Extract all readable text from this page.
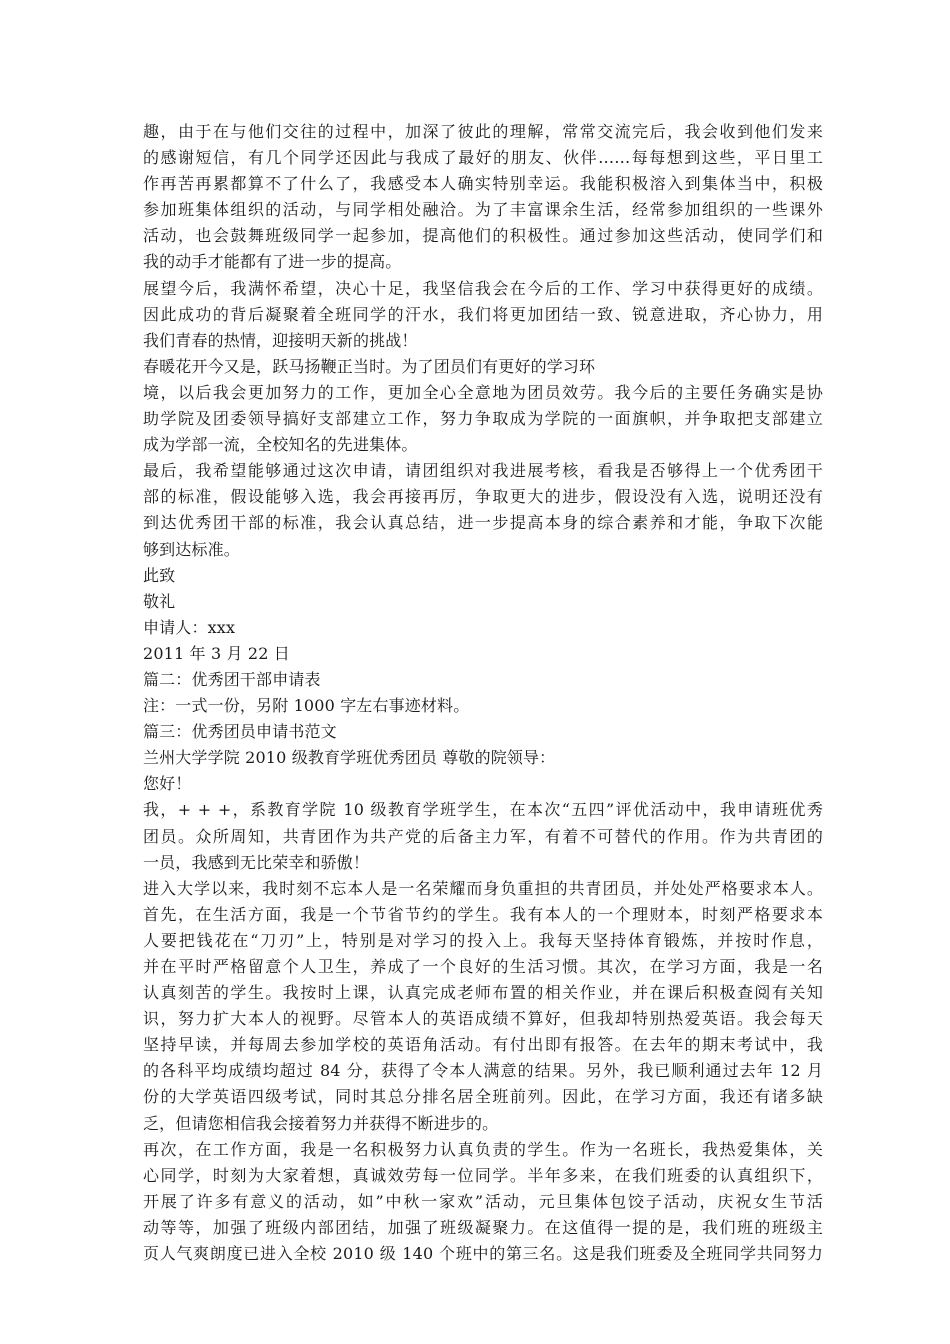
趣，由于在与他们交往的过程中，加深了彼此的理解，常常交流完后，我会收到他们发来
的感谢短信，有几个同学还因此与我成了最好的朋友、伙伴……每每想到这些，平日里工
作再苦再累都算不了什么了，我感受本人确实特别幸运。我能积极溶入到集体当中，积极
参加班集体组织的活动，与同学相处融洽。为了丰富课余生活，经常参加组织的一些课外
活动，也会鼓舞班级同学一起参加，提高他们的积极性。通过参加这些活动，使同学们和
我的动手才能都有了进一步的提高。
展望今后，我满怀希望，决心十足，我坚信我会在今后的工作、学习中获得更好的成绩。
因此成功的背后凝聚着全班同学的汗水，我们将更加团结一致、锐意进取，齐心协力，用
我们青春的热情，迎接明天新的挑战！
春暖花开今又是，跃马扬鞭正当时。为了团员们有更好的学习环
境，以后我会更加努力的工作，更加全心全意地为团员效劳。我今后的主要任务确实是协
助学院及团委领导搞好支部建立工作，努力争取成为学院的一面旗帜，并争取把支部建立
成为学部一流，全校知名的先进集体。
最后，我希望能够通过这次申请，请团组织对我进展考核，看我是否够得上一个优秀团干
部的标准，假设能够入选，我会再接再厉，争取更大的进步，假设没有入选，说明还没有
到达优秀团干部的标准，我会认真总结，进一步提高本身的综合素养和才能，争取下次能
够到达标准。
此致
敬礼
申请人：xxx
2011 年 3 月 22 日
篇二：优秀团干部申请表
注：一式一份，另附 1000 字左右事迹材料。
篇三：优秀团员申请书范文
兰州大学学院 2010 级教育学班优秀团员 尊敬的院领导：
您好！
我，+ + +，系教育学院 10 级教育学班学生，在本次“五四”评优活动中，我申请班优秀
团员。众所周知，共青团作为共产党的后备主力军，有着不可替代的作用。作为共青团的
一员，我感到无比荣幸和骄傲！
进入大学以来，我时刻不忘本人是一名荣耀而身负重担的共青团员，并处处严格要求本人。
首先，在生活方面，我是一个节省节约的学生。我有本人的一个理财本，时刻严格要求本
人要把钱花在“刀刃”上，特别是对学习的投入上。我每天坚持体育锻炼，并按时作息，
并在平时严格留意个人卫生，养成了一个良好的生活习惯。其次，在学习方面，我是一名
认真刻苦的学生。我按时上课，认真完成老师布置的相关作业，并在课后积极查阅有关知
识，努力扩大本人的视野。尽管本人的英语成绩不算好，但我却特别热爱英语。我会每天
坚持早读，并每周去参加学校的英语角活动。有付出即有报答。在去年的期末考试中，我
的各科平均成绩均超过 84 分，获得了令本人满意的结果。另外，我已顺利通过去年 12 月
份的大学英语四级考试，同时其总分排名居全班前列。因此，在学习方面，我还有诸多缺
乏，但请您相信我会接着努力并获得不断进步的。
再次，在工作方面，我是一名积极努力认真负责的学生。作为一名班长，我热爱集体，关
心同学，时刻为大家着想，真诚效劳每一位同学。半年多来，在我们班委的认真组织下，
开展了许多有意义的活动，如”中秋一家欢”活动，元旦集体包饺子活动，庆祝女生节活
动等等，加强了班级内部团结，加强了班级凝聚力。在这值得一提的是，我们班的班级主
页人气爽朗度已进入全校 2010 级 140 个班中的第三名。这是我们班委及全班同学共同努力
